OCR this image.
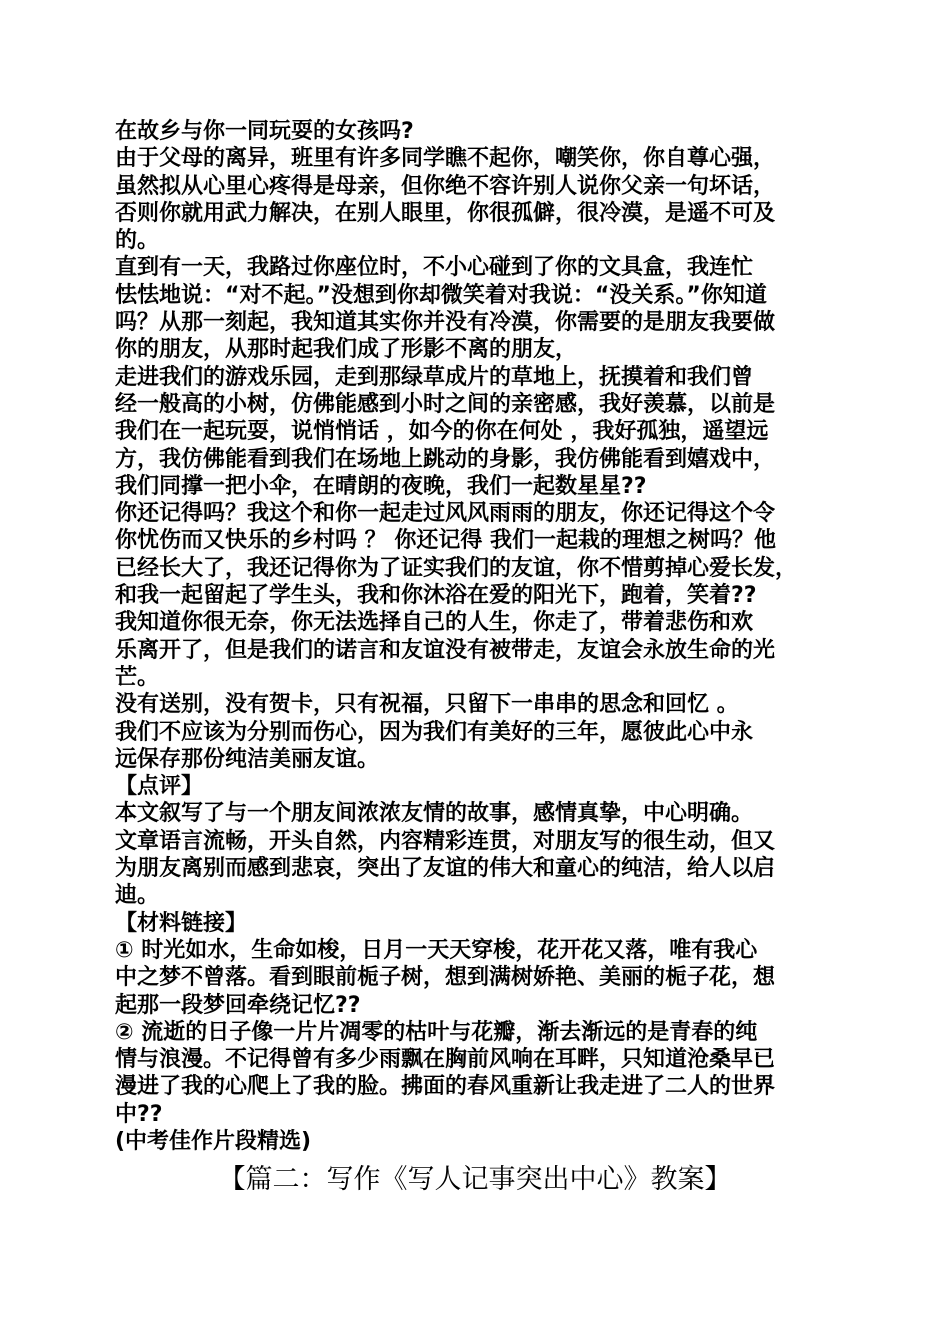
在故乡与你一同玩耍的女孩吗?
由于父母的离异，班里有许多同学瞧不起你，嘲笑你，你自尊心强，
虽然拟从心里心疼得是母亲，但你绝不容许别人说你父亲一句坏话，
否则你就用武力解决，在别人眼里，你很孤僻，很冷漠，是遥不可及
的。
直到有一天，我路过你座位时，不小心碰到了你的文具盒，我连忙
怯怯地说：“对不起。”没想到你却微笑着对我说：“没关系。”你知道
吗？从那一刻起，我知道其实你并没有冷漠，你需要的是朋友我要做
你的朋友，从那时起我们成了形影不离的朋友，
走进我们的游戏乐园，走到那绿草成片的草地上，抚摸着和我们曾
经一般高的小树，仿佛能感到小时之间的亲密感，我好羡慕，以前是
我们在一起玩耍，说悄悄话 ，如今的你在何处 ，我好孤独，遥望远
方，我仿佛能看到我们在场地上跳动的身影，我仿佛能看到嬉戏中，
我们同撑一把小伞，在晴朗的夜晚，我们一起数星星??
你还记得吗？我这个和你一起走过风风雨雨的朋友，你还记得这个令
你忧伤而又快乐的乡村吗 ？ 你还记得 我们一起栽的理想之树吗？他
已经长大了，我还记得你为了证实我们的友谊，你不惜剪掉心爱长发，
和我一起留起了学生头，我和你沐浴在爱的阳光下，跑着，笑着??
我知道你很无奈，你无法选择自己的人生，你走了，带着悲伤和欢
乐离开了，但是我们的诺言和友谊没有被带走，友谊会永放生命的光
芒。
没有送别，没有贺卡，只有祝福，只留下一串串的思念和回忆 。
我们不应该为分别而伤心，因为我们有美好的三年，愿彼此心中永
远保存那份纯洁美丽友谊。
【点评】
本文叙写了与一个朋友间浓浓友情的故事，感情真挚，中心明确。
文章语言流畅，开头自然，内容精彩连贯，对朋友写的很生动，但又
为朋友离别而感到悲哀，突出了友谊的伟大和童心的纯洁，给人以启
迪。
【材料链接】
① 时光如水，生命如梭，日月一天天穿梭，花开花又落，唯有我心
中之梦不曾落。看到眼前栀子树，想到满树娇艳、美丽的栀子花，想
起那一段梦回牵绕记忆??
② 流逝的日子像一片片凋零的枯叶与花瓣，渐去渐远的是青春的纯
情与浪漫。不记得曾有多少雨飘在胸前风响在耳畔，只知道沧桑早已
漫进了我的心爬上了我的脸。拂面的春风重新让我走进了二人的世界
中??
(中考佳作片段精选)
【篇二：写作《写人记事突出中心》教案】
